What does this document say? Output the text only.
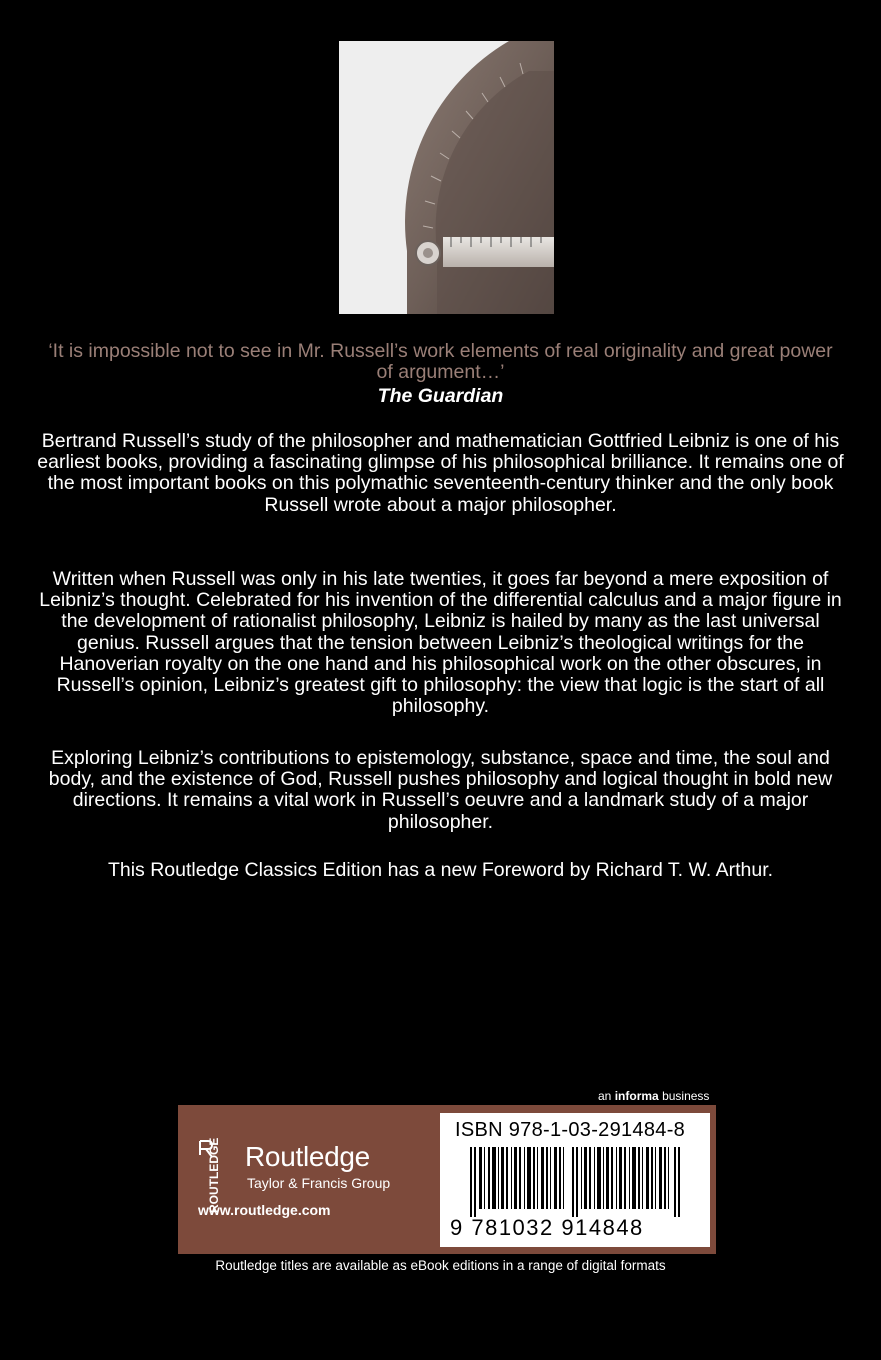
‘It is impossible not to see in Mr. Russell’s work elements of real originality and great power of argument…’
The Guardian

Bertrand Russell’s study of the philosopher and mathematician Gottfried Leibniz is one of his earliest books, providing a fascinating glimpse of his philosophical brilliance. It remains one of the most important books on this polymathic seventeenth-century thinker and the only book Russell wrote about a major philosopher.

Written when Russell was only in his late twenties, it goes far beyond a mere exposition of Leibniz’s thought. Celebrated for his invention of the differential calculus and a major figure in the development of rationalist philosophy, Leibniz is hailed by many as the last universal genius. Russell argues that the tension between Leibniz’s theological writings for the Hanoverian royalty on the one hand and his philosophical work on the other obscures, in Russell’s opinion, Leibniz’s greatest gift to philosophy: the view that logic is the start of all philosophy.

Exploring Leibniz’s contributions to epistemology, substance, space and time, the soul and body, and the existence of God, Russell pushes philosophy and logical thought in bold new directions. It remains a vital work in Russell’s oeuvre and a landmark study of a major philosopher.

This Routledge Classics Edition has a new Foreword by Richard T. W. Arthur.

an informa business
ROUTLEDGE Routledge
Taylor & Francis Group
www.routledge.com
ISBN 978-1-03-291484-8
9 781032 914848
Routledge titles are available as eBook editions in a range of digital formats
